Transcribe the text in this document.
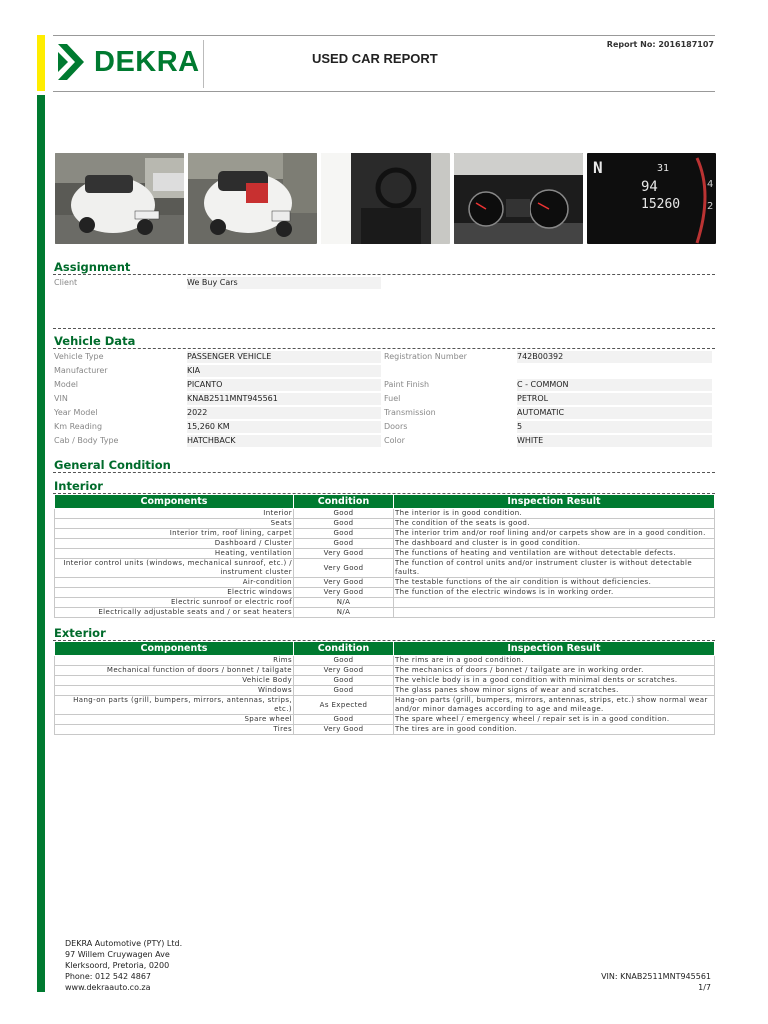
DEKRA	USED CAR REPORT
Report No: 2016187107
N	31
94
15260
4
2
Assignment
Client	We Buy Cars
Vehicle Data
Vehicle Type	PASSENGER VEHICLE
Manufacturer	KIA
Model	PICANTO
VIN	KNAB2511MNT945561
Year Model	2022
Km Reading	15,260 KM
Cab / Body Type	HATCHBACK
Registration Number	742B00392
Paint Finish	C - COMMON
Fuel	PETROL
Transmission	AUTOMATIC
Doors	5
Color	WHITE
General Condition
Interior
Components	Condition	Inspection Result
Interior	Good	The interior is in good condition.
Seats	Good	The condition of the seats is good.
Interior trim, roof lining, carpet	Good	The interior trim and/or roof lining and/or carpets show are in a good condition.
Dashboard / Cluster	Good	The dashboard and cluster is in good condition.
Heating, ventilation	Very Good	The functions of heating and ventilation are without detectable defects.
Interior control units (windows, mechanical sunroof, etc.) / instrument cluster	Very Good	The function of control units and/or instrument cluster is without detectable faults.
Air-condition	Very Good	The testable functions of the air condition is without deficiencies.
Electric windows	Very Good	The function of the electric windows is in working order.
Electric sunroof or electric roof	N/A	
Electrically adjustable seats and / or seat heaters	N/A	
Exterior
Components	Condition	Inspection Result
Rims	Good	The rims are in a good condition.
Mechanical function of doors / bonnet / tailgate	Very Good	The mechanics of doors / bonnet / tailgate are in working order.
Vehicle Body	Good	The vehicle body is in a good condition with minimal dents or scratches.
Windows	Good	The glass panes show minor signs of wear and scratches.
Hang-on parts (grill, bumpers, mirrors, antennas, strips, etc.)	As Expected	Hang-on parts (grill, bumpers, mirrors, antennas, strips, etc.) show normal wear and/or minor damages according to age and mileage.
Spare wheel	Good	The spare wheel / emergency wheel / repair set is in a good condition.
Tires	Very Good	The tires are in good condition.
DEKRA Automotive (PTY) Ltd.
97 Willem Cruywagen Ave
Klerksoord, Pretoria, 0200
Phone: 012 542 4867
www.dekraauto.co.za
VIN: KNAB2511MNT945561
1/7
